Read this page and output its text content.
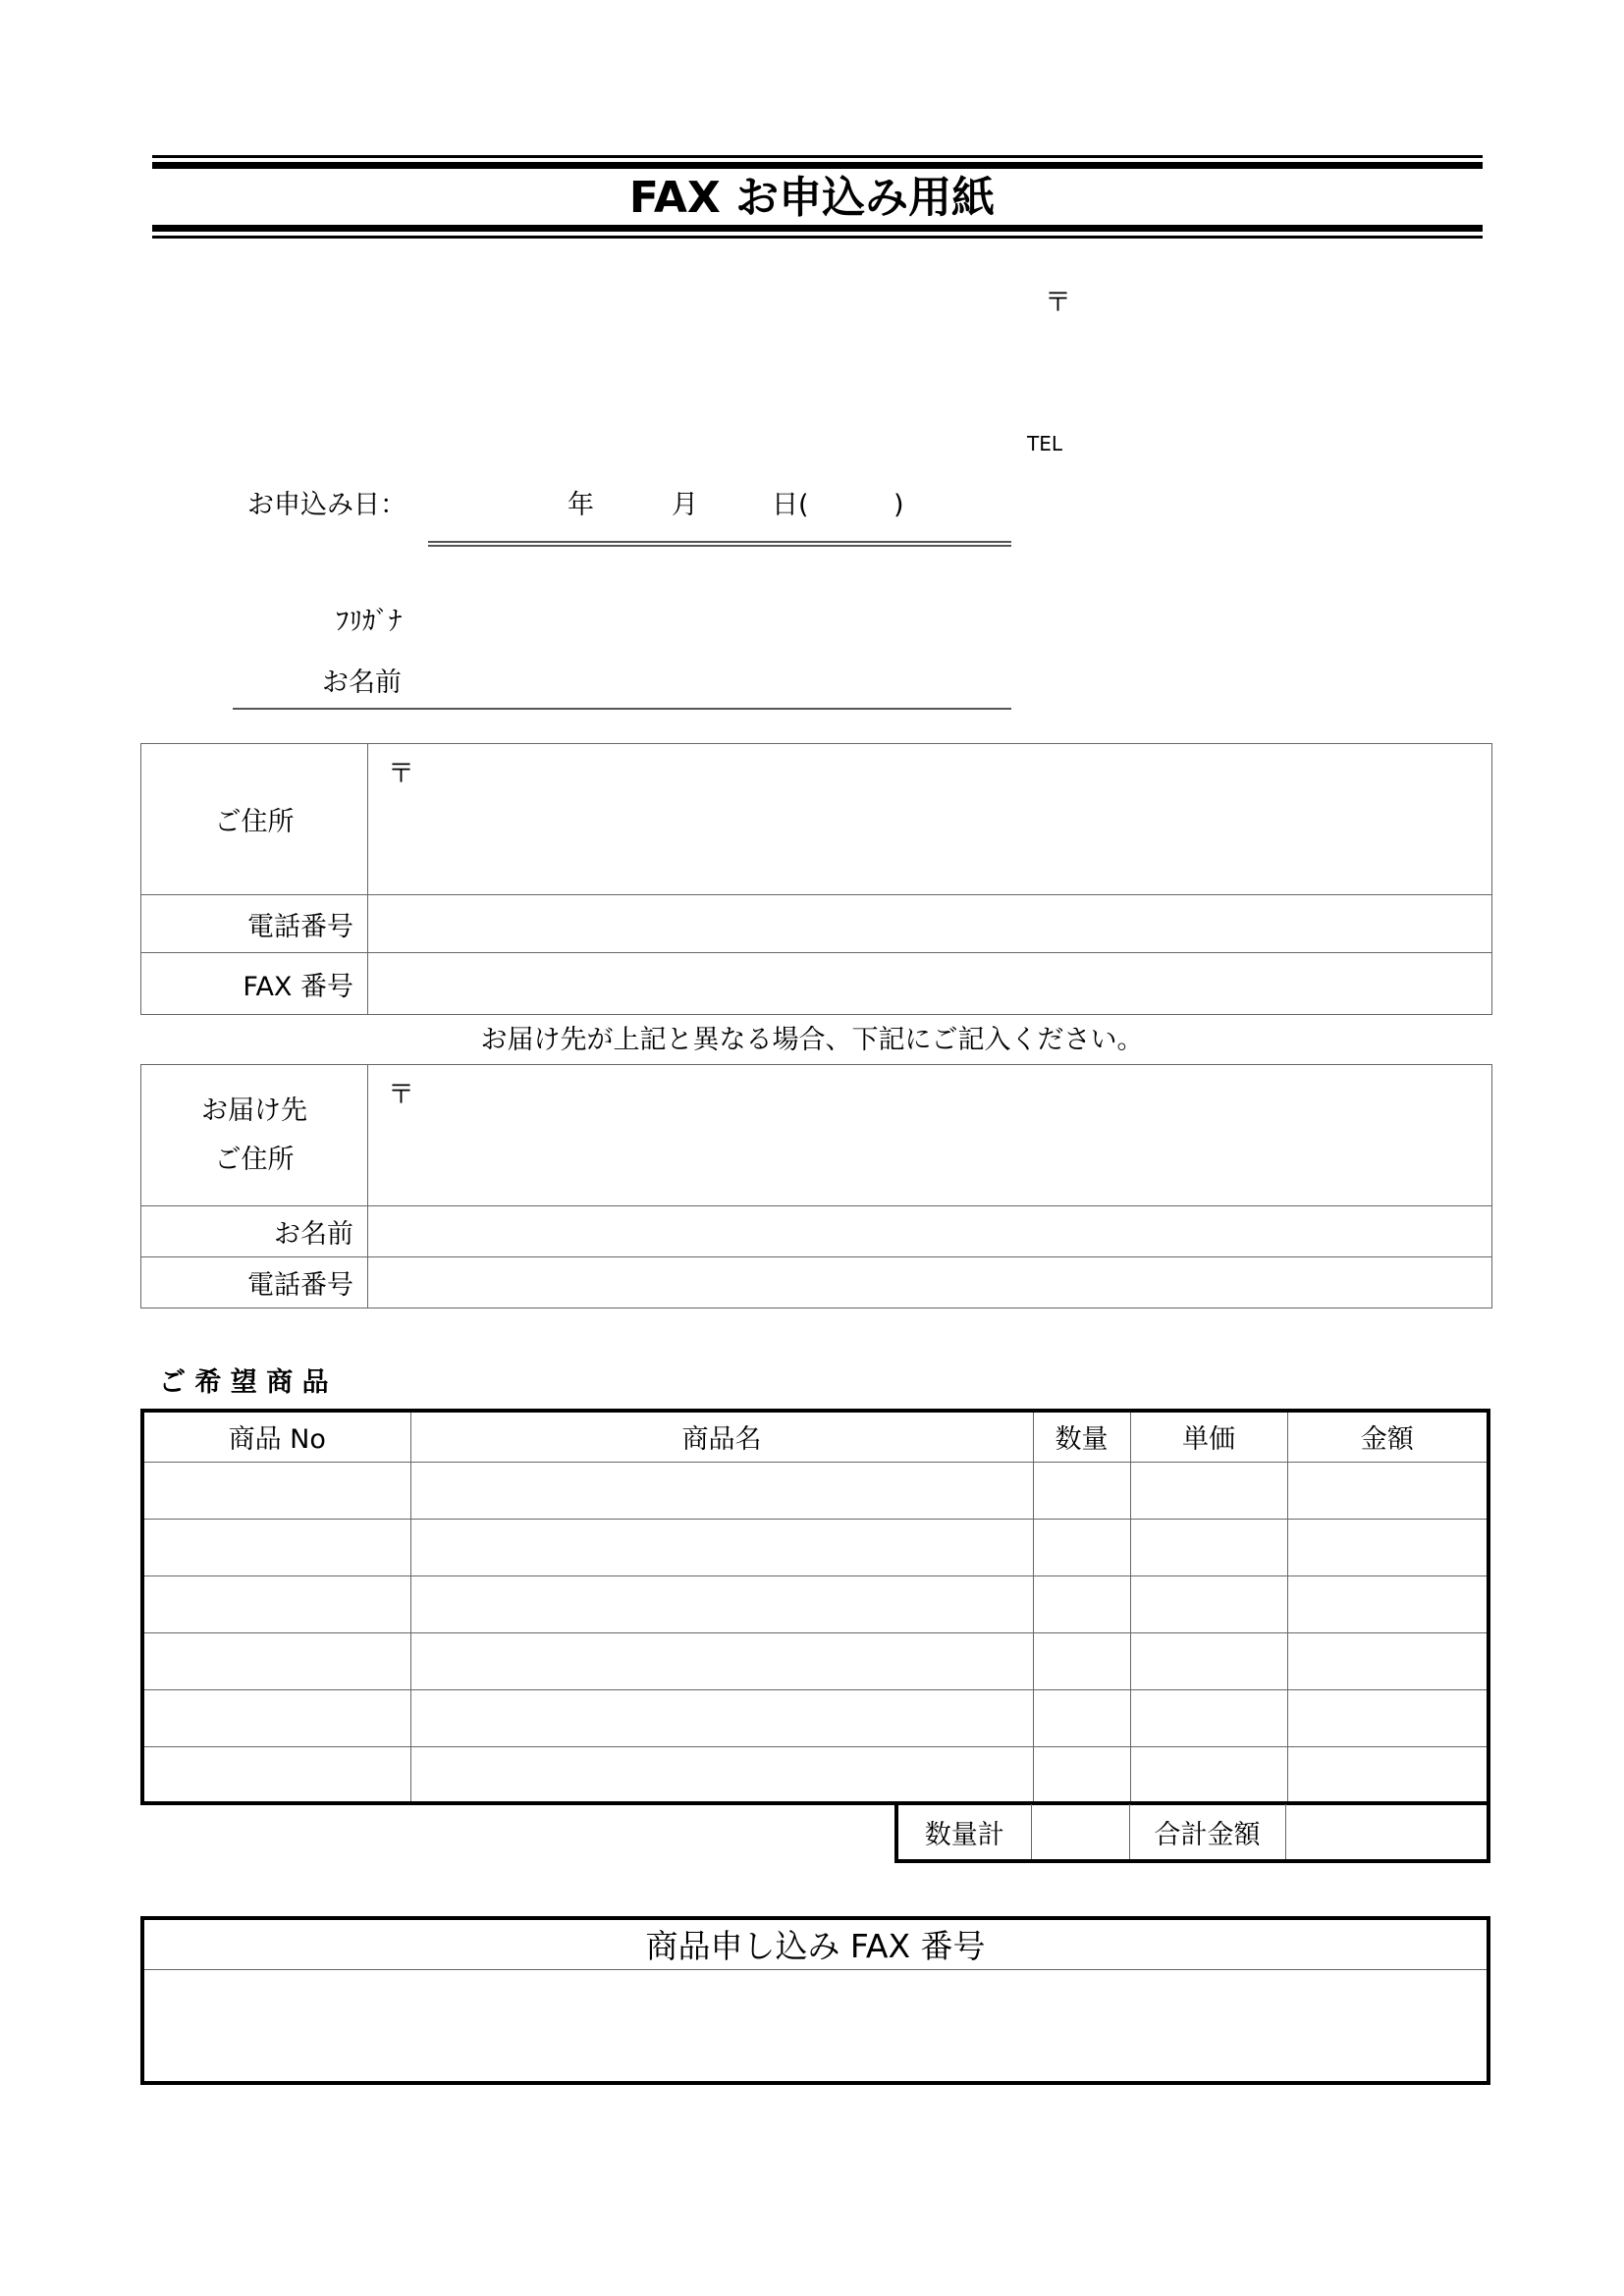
FAX お申込み用紙
〒
TEL
お申込み日：	年	月	日(	)
ﾌﾘｶﾞﾅ
お名前
ご住所	〒

電話番号	
FAX 番号	
お届け先が上記と異なる場合、下記にご記入ください。
お届け先
ご住所	〒

お名前	
電話番号	
ご 希 望 商 品
商品 No	商品名	数量	単価	金額

数量計		合計金額	
商品申し込み FAX 番号
